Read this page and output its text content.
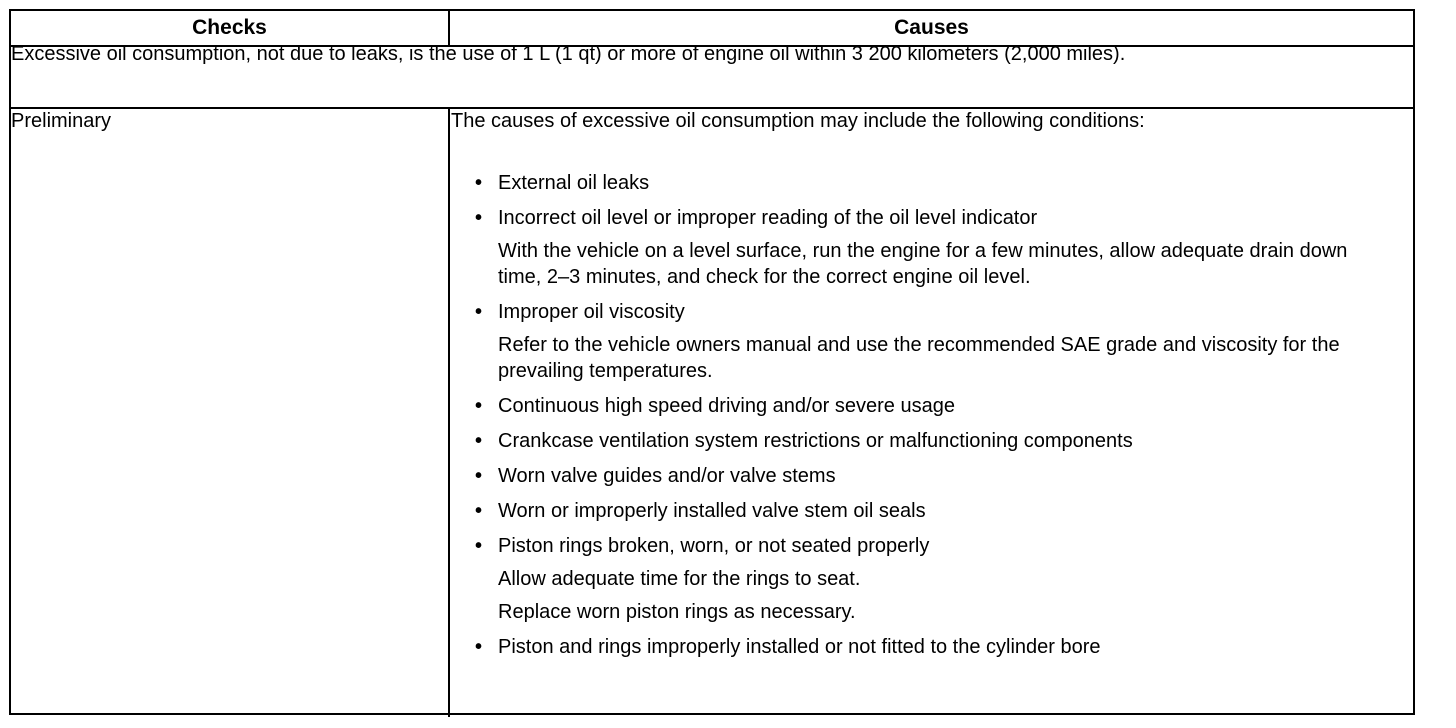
Checks	Causes
Excessive oil consumption, not due to leaks, is the use of 1 L (1 qt) or more of engine oil within 3 200 kilometers (2,000 miles).
Preliminary	The causes of excessive oil consumption may include the following conditions:

• External oil leaks
• Incorrect oil level or improper reading of the oil level indicator
With the vehicle on a level surface, run the engine for a few minutes, allow adequate drain down time, 2–3 minutes, and check for the correct engine oil level.
• Improper oil viscosity
Refer to the vehicle owners manual and use the recommended SAE grade and viscosity for the prevailing temperatures.
• Continuous high speed driving and/or severe usage
• Crankcase ventilation system restrictions or malfunctioning components
• Worn valve guides and/or valve stems
• Worn or improperly installed valve stem oil seals
• Piston rings broken, worn, or not seated properly
Allow adequate time for the rings to seat.
Replace worn piston rings as necessary.
• Piston and rings improperly installed or not fitted to the cylinder bore
